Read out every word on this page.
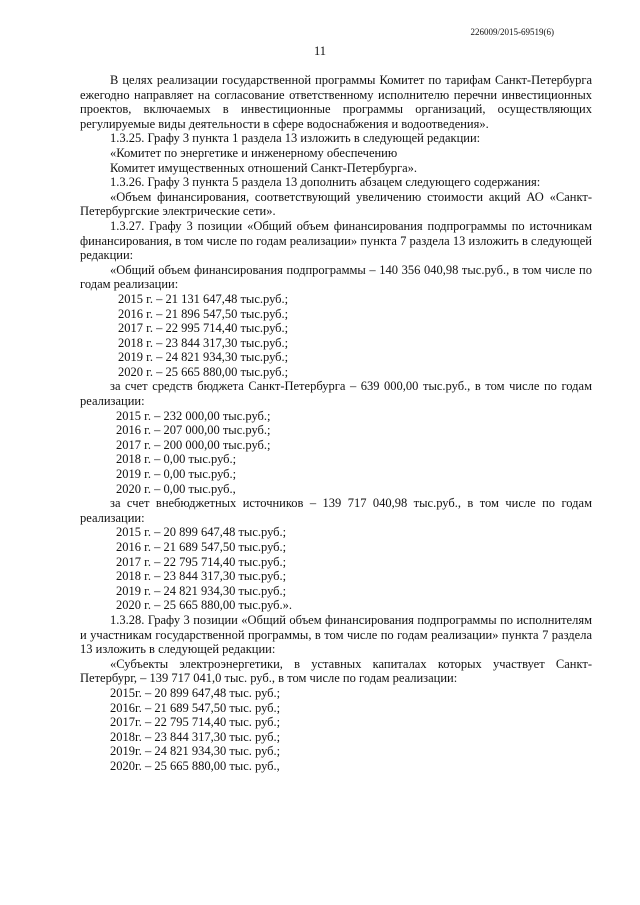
226009/2015-69519(6)
11

В целях реализации государственной программы Комитет по тарифам Санкт-Петербурга ежегодно направляет на согласование ответственному исполнителю перечни инвестиционных проектов, включаемых в инвестиционные программы организаций, осуществляющих регулируемые виды деятельности в сфере водоснабжения и водоотведения».

1.3.25. Графу 3 пункта 1 раздела 13 изложить в следующей редакции:

«Комитет по энергетике и инженерному обеспечению

Комитет имущественных отношений Санкт-Петербурга».

1.3.26. Графу 3 пункта 5 раздела 13 дополнить абзацем следующего содержания:

«Объем финансирования, соответствующий увеличению стоимости акций АО «Санкт-Петербургские электрические сети».

1.3.27. Графу 3 позиции «Общий объем финансирования подпрограммы по источникам финансирования, в том числе по годам реализации» пункта 7 раздела 13 изложить в следующей редакции:

«Общий объем финансирования подпрограммы – 140 356 040,98 тыс.руб., в том числе по годам реализации:

2015 г. – 21 131 647,48 тыс.руб.;

2016 г. – 21 896 547,50 тыс.руб.;

2017 г. – 22 995 714,40 тыс.руб.;

2018 г. – 23 844 317,30 тыс.руб.;

2019 г. – 24 821 934,30 тыс.руб.;

2020 г. – 25 665 880,00 тыс.руб.;

за счет средств бюджета Санкт-Петербурга – 639 000,00 тыс.руб., в том числе по годам реализации:

2015 г. – 232 000,00 тыс.руб.;

2016 г. – 207 000,00 тыс.руб.;

2017 г. – 200 000,00 тыс.руб.;

2018 г. – 0,00 тыс.руб.;

2019 г. – 0,00 тыс.руб.;

2020 г. – 0,00 тыс.руб.,

за счет внебюджетных источников – 139 717 040,98 тыс.руб., в том числе по годам реализации:

2015 г. – 20 899 647,48 тыс.руб.;

2016 г. – 21 689 547,50 тыс.руб.;

2017 г. – 22 795 714,40 тыс.руб.;

2018 г. – 23 844 317,30 тыс.руб.;

2019 г. – 24 821 934,30 тыс.руб.;

2020 г. – 25 665 880,00 тыс.руб.».

1.3.28. Графу 3 позиции «Общий объем финансирования подпрограммы по исполнителям и участникам государственной программы, в том числе по годам реализации» пункта 7 раздела 13 изложить в следующей редакции:

«Субъекты электроэнергетики, в уставных капиталах которых участвует Санкт-Петербург, – 139 717 041,0 тыс. руб., в том числе по годам реализации:

2015г. – 20 899 647,48 тыс. руб.;

2016г. – 21 689 547,50 тыс. руб.;

2017г. – 22 795 714,40 тыс. руб.;

2018г. – 23 844 317,30 тыс. руб.;

2019г. – 24 821 934,30 тыс. руб.;

2020г. – 25 665 880,00 тыс. руб.,
